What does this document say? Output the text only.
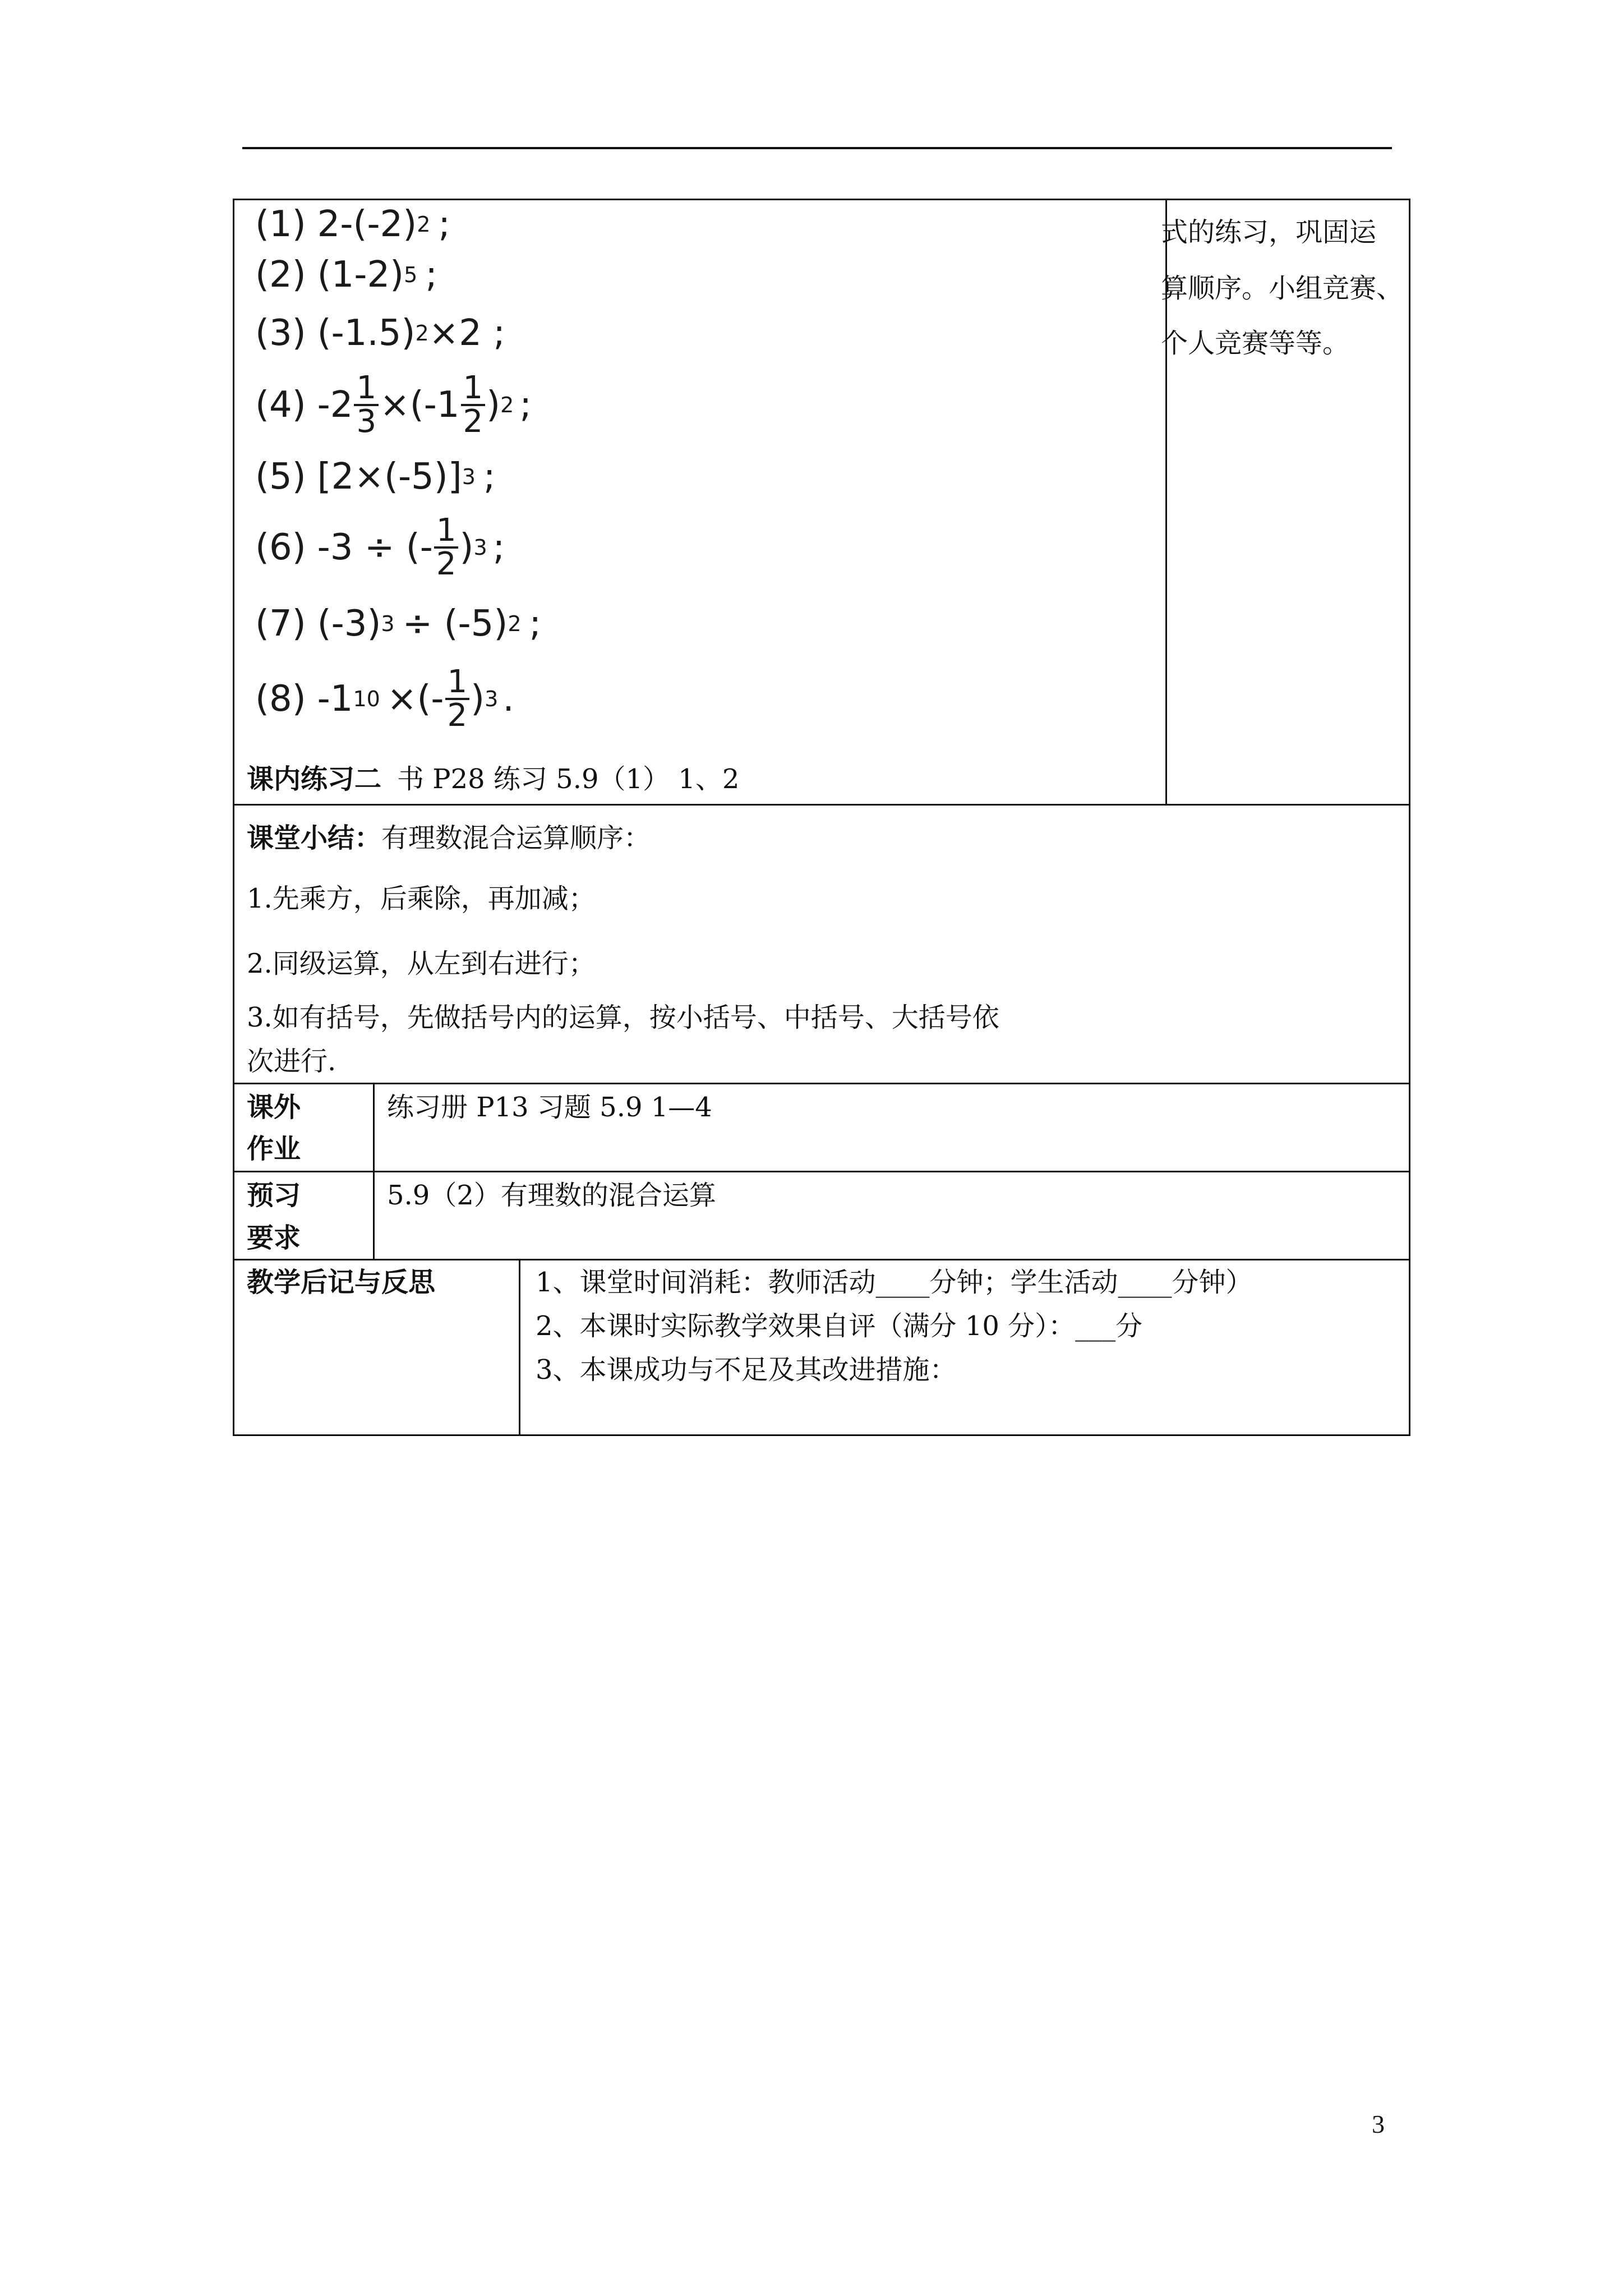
(1) 2-(-2) 2 ;
(2) (1-2) 5 ;
(3) (-1.5) 2 ×2 ;
(4) $-2 \frac{1}{3} \times(-1 \frac{1}{2}$ ) 2 ;
(5) [2×(-5)] 3 ;
(6) -3 ÷ (- $\frac{1}{2}$ ) 3 ;
(7) (-3) 3 ÷ (-5) 2 ;
(8) -1 10 ×(- $\frac{1}{2}$ ) 3 .
课内练习二 书 P28 练习 5.9（1） 1、2
式的练习，巩固运
算顺序。小组竞赛、
个人竞赛等等。
课堂小结：有理数混合运算顺序：
1.先乘方，后乘除，再加减；
2.同级运算，从左到右进行；
3.如有括号，先做括号内的运算，按小括号、中括号、大括号依
次进行.
课外
作业
练习册 P13 习题 5.9 1—4
预习
要求
5.9（2）有理数的混合运算
教学后记与反思	1、课堂时间消耗：教师活动____分钟；学生活动____分钟）
2、本课时实际教学效果自评（满分 10 分）：___分
3、本课成功与不足及其改进措施：
3
